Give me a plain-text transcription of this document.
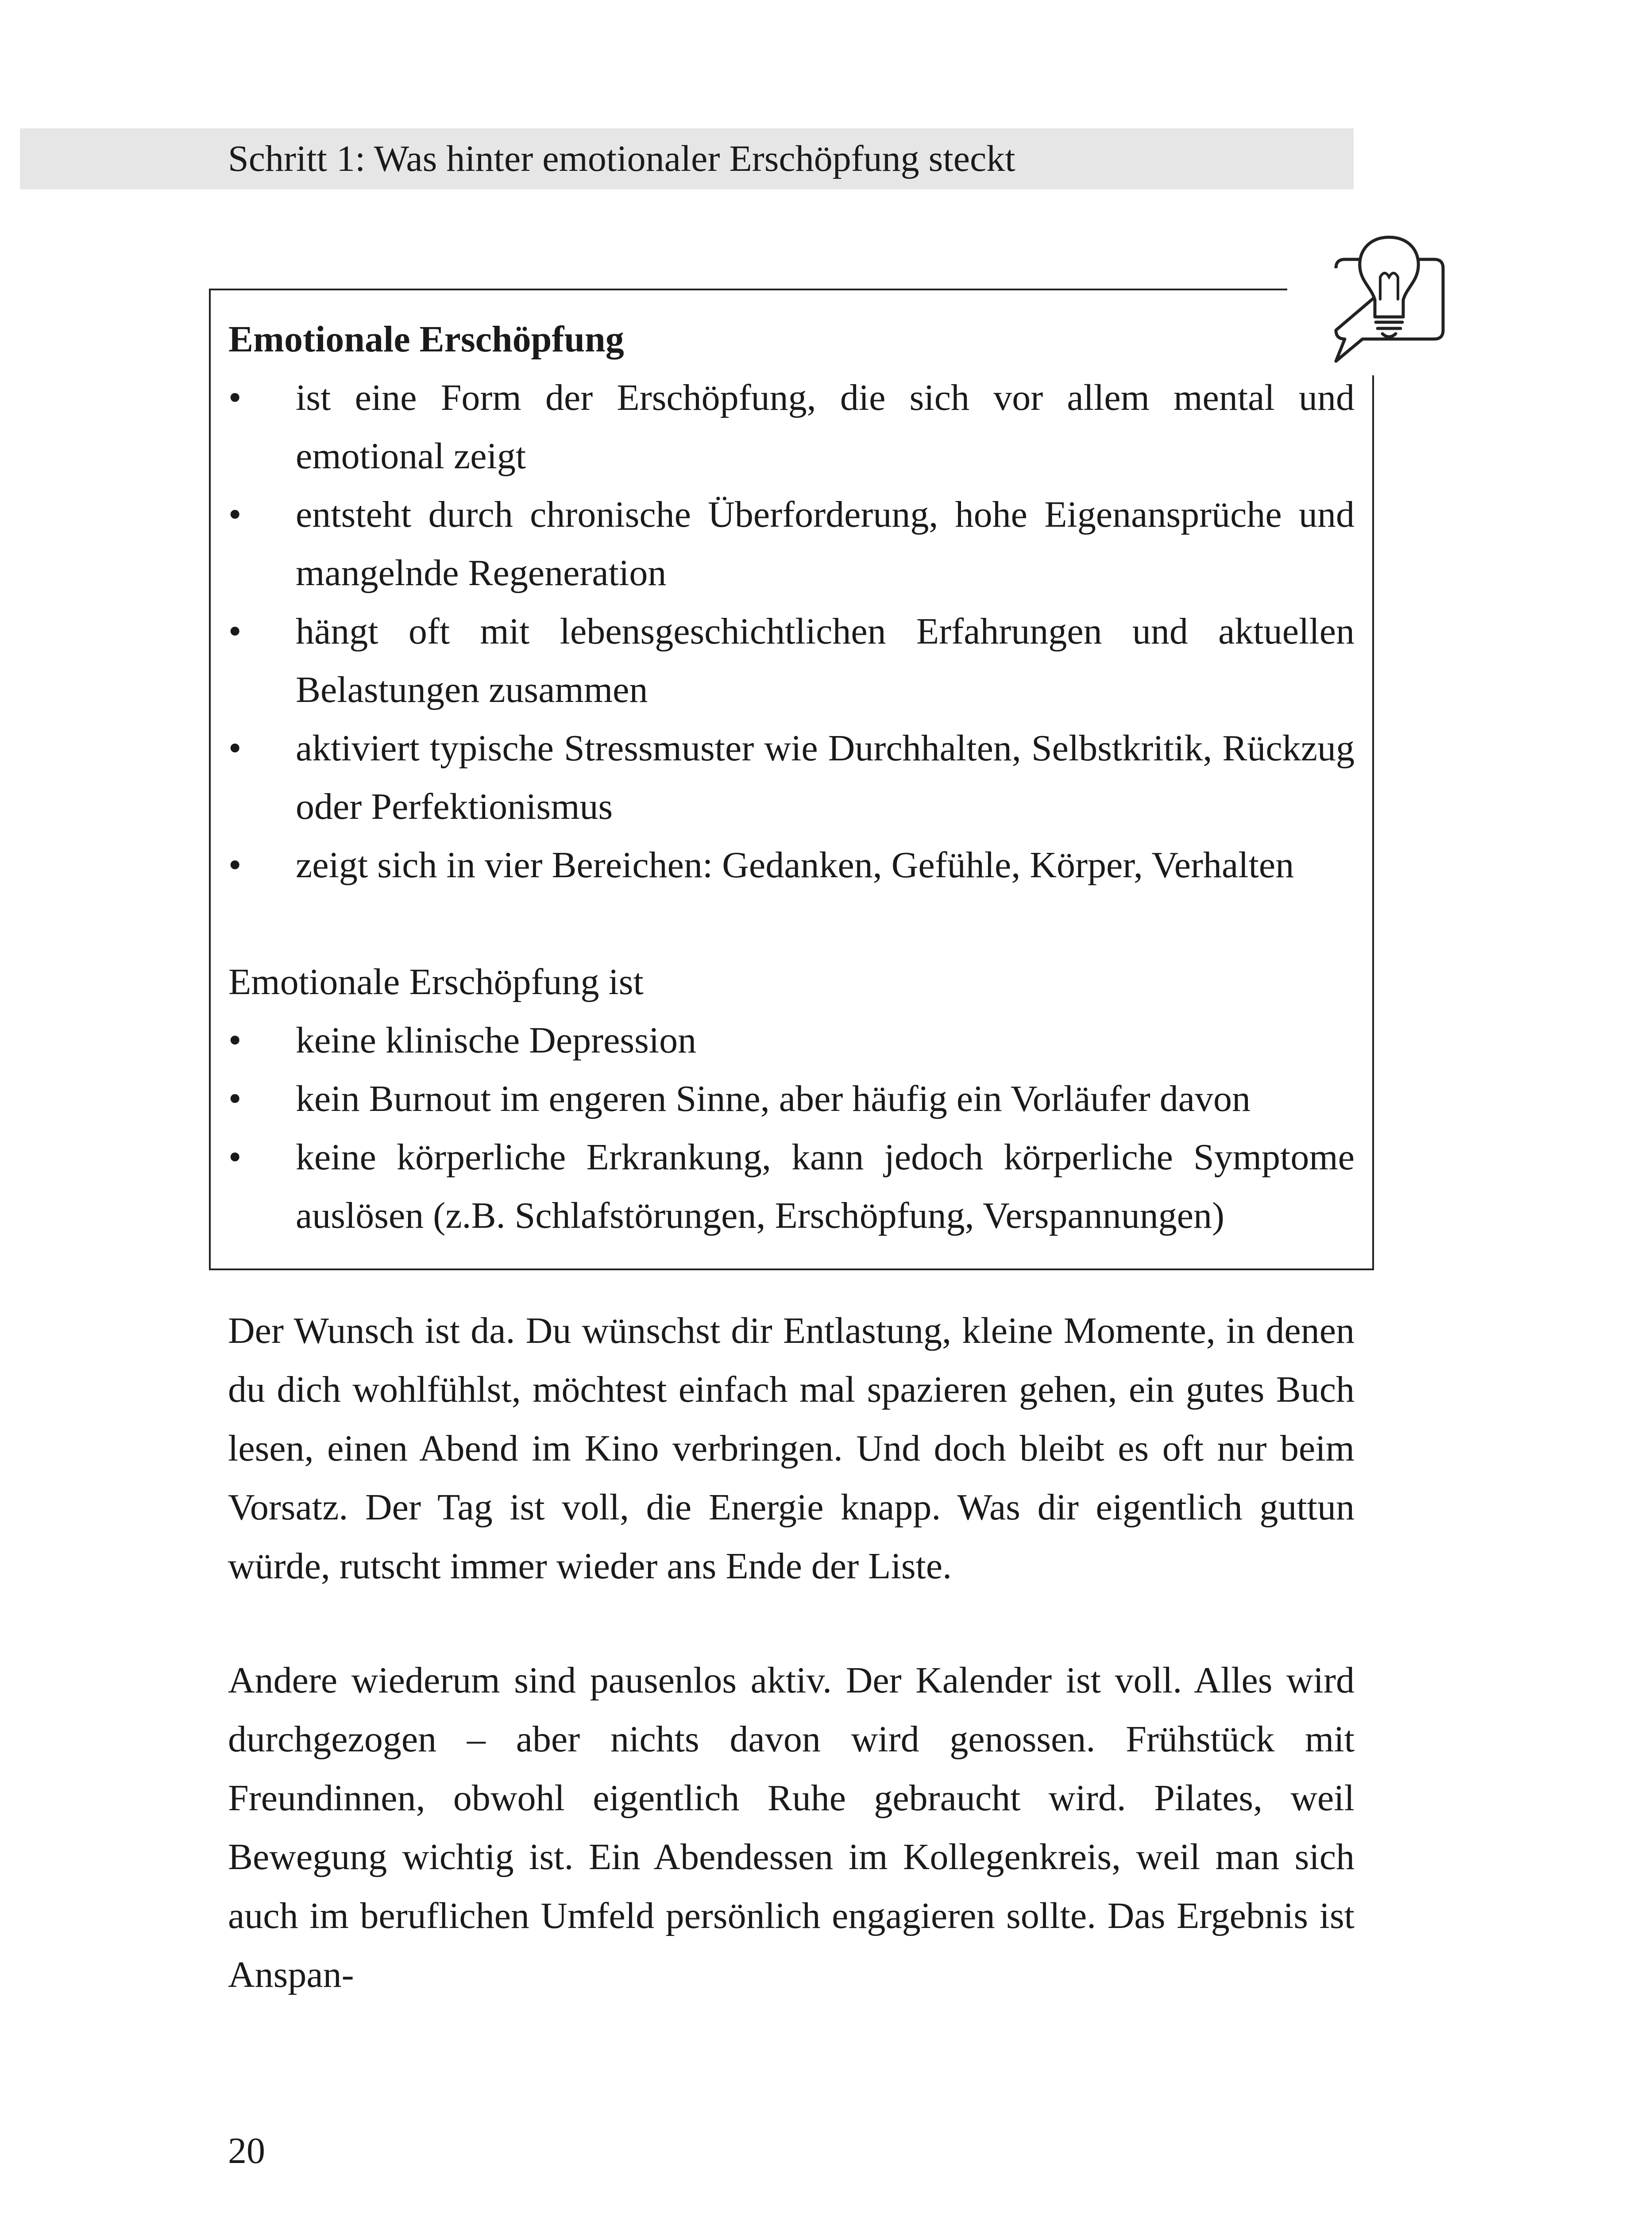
Schritt 1: Was hinter emotionaler Erschöpfung steckt

Emotionale Erschöpfung

• ist eine Form der Erschöpfung, die sich vor allem mental und emotional zeigt
• entsteht durch chronische Überforderung, hohe Eigenansprüche und mangelnde Regeneration
• hängt oft mit lebensgeschichtlichen Erfahrungen und aktuellen Belastungen zusammen
• aktiviert typische Stressmuster wie Durchhalten, Selbstkritik, Rückzug oder Perfektionismus
• zeigt sich in vier Bereichen: Gedanken, Gefühle, Körper, Verhalten

Emotionale Erschöpfung ist

• keine klinische Depression
• kein Burnout im engeren Sinne, aber häufig ein Vorläufer davon
• keine körperliche Erkrankung, kann jedoch körperliche Symptome auslösen (z.B. Schlafstörungen, Erschöpfung, Verspannungen)

Der Wunsch ist da. Du wünschst dir Entlastung, kleine Momente, in denen du dich wohlfühlst, möchtest einfach mal spazieren gehen, ein gutes Buch lesen, einen Abend im Kino verbringen. Und doch bleibt es oft nur beim Vorsatz. Der Tag ist voll, die Energie knapp. Was dir eigentlich guttun würde, rutscht immer wieder ans Ende der Liste.

Andere wiederum sind pausenlos aktiv. Der Kalender ist voll. Alles wird durchgezogen – aber nichts davon wird genossen. Frühstück mit Freundinnen, obwohl eigentlich Ruhe gebraucht wird. Pilates, weil Bewegung wichtig ist. Ein Abendessen im Kollegenkreis, weil man sich auch im beruflichen Umfeld persönlich engagieren sollte. Das Ergebnis ist Anspan-

20
